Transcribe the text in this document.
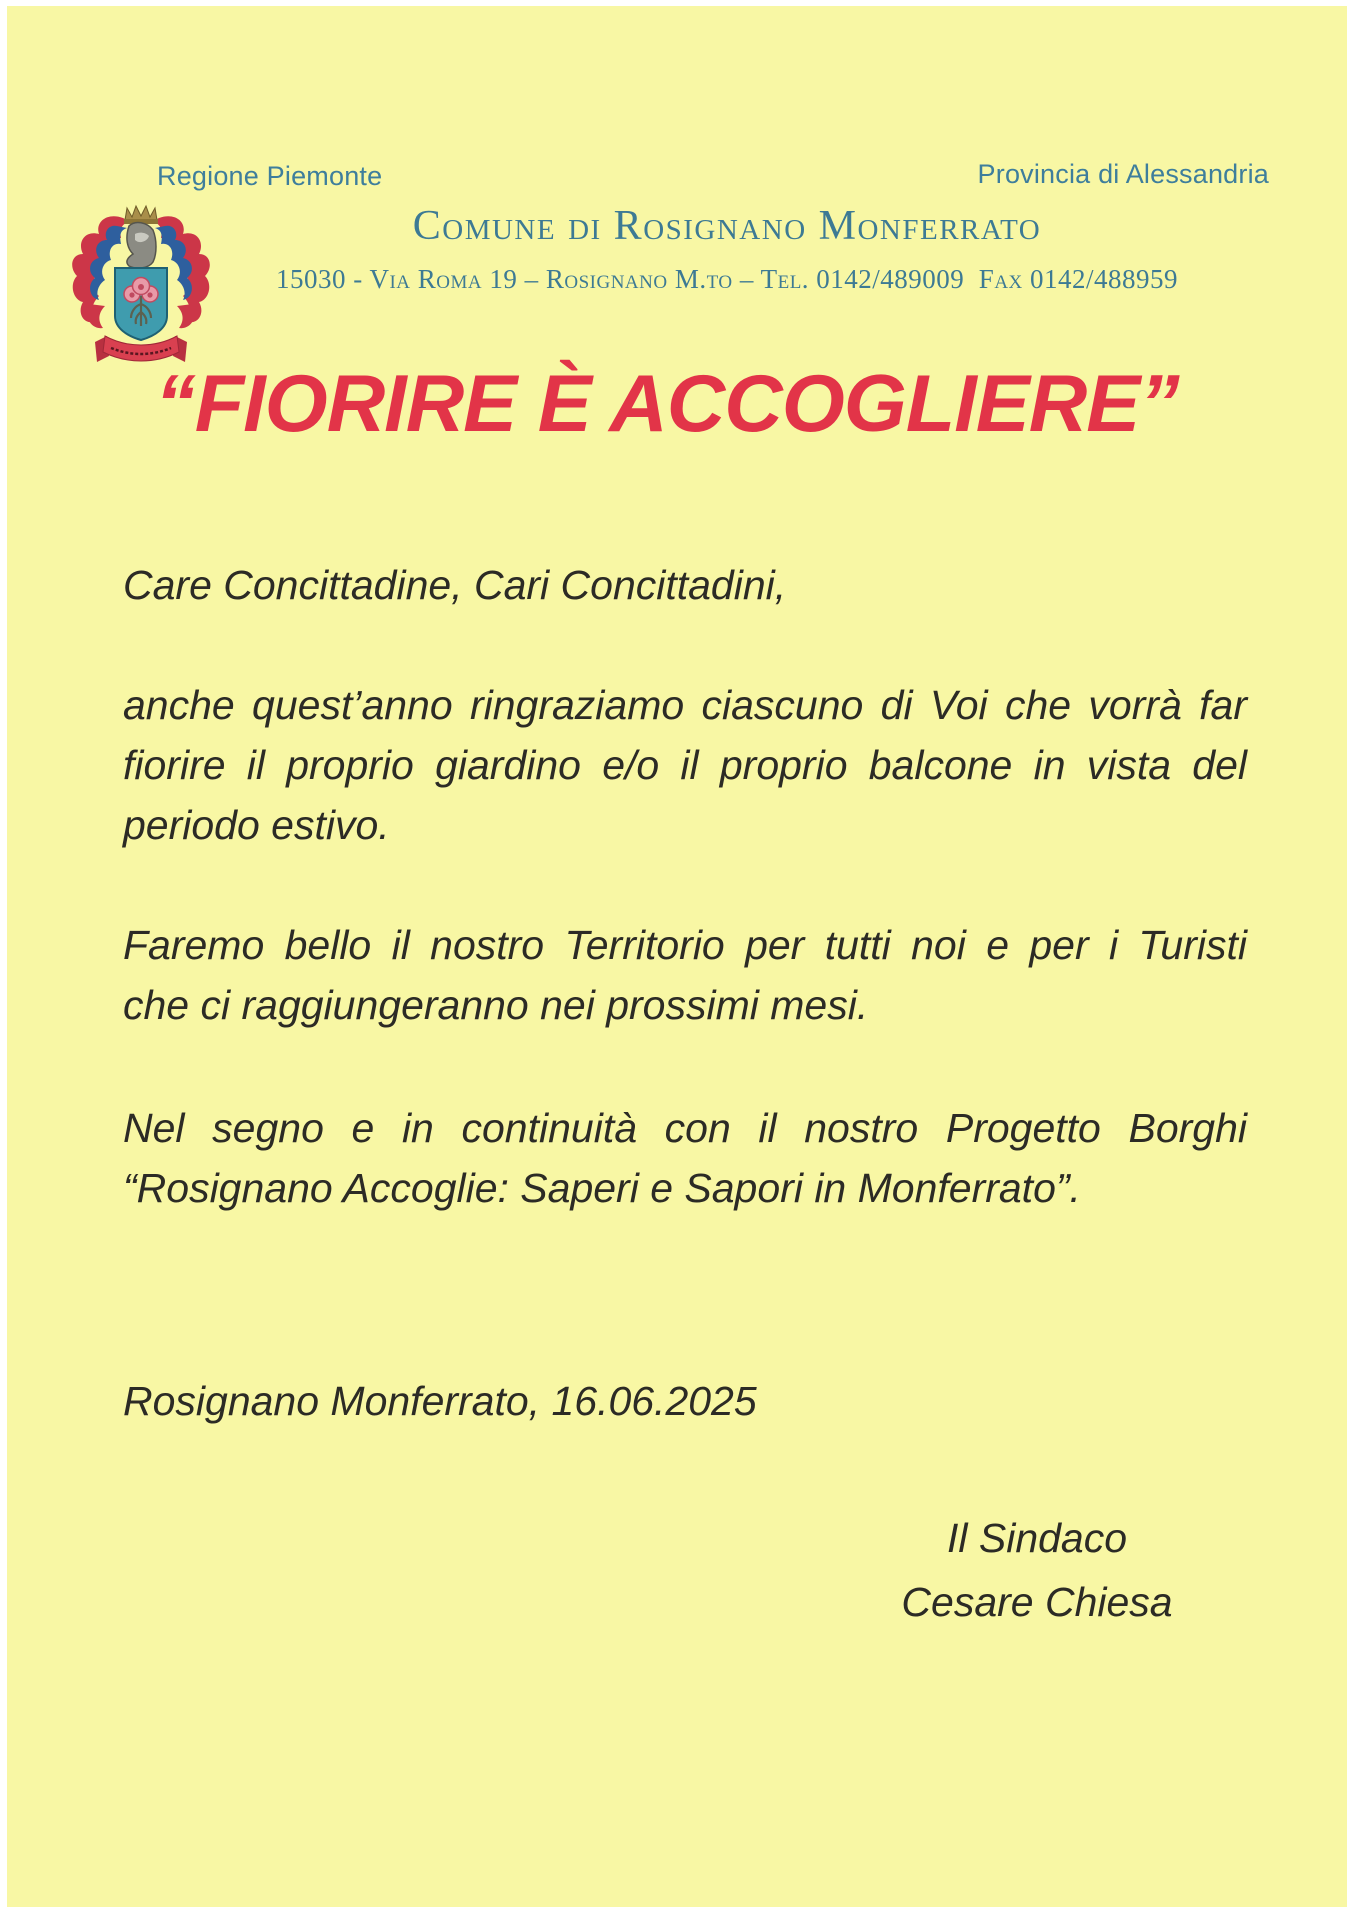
Regione Piemonte	Provincia di Alessandria
Comune di Rosignano Monferrato
15030 - Via Roma 19 – Rosignano M.to – Tel. 0142/489009  Fax 0142/488959
“FIORIRE È ACCOGLIERE”
Care Concittadine, Cari Concittadini,
anche quest’anno ringraziamo ciascuno di Voi che vorrà far
fiorire il proprio giardino e/o il proprio balcone in vista del
periodo estivo.
Faremo bello il nostro Territorio per tutti noi e per i Turisti
che ci raggiungeranno nei prossimi mesi.
Nel segno e in continuità con il nostro Progetto Borghi
“Rosignano Accoglie: Saperi e Sapori in Monferrato”.
Rosignano Monferrato, 16.06.2025
Il Sindaco
Cesare Chiesa
